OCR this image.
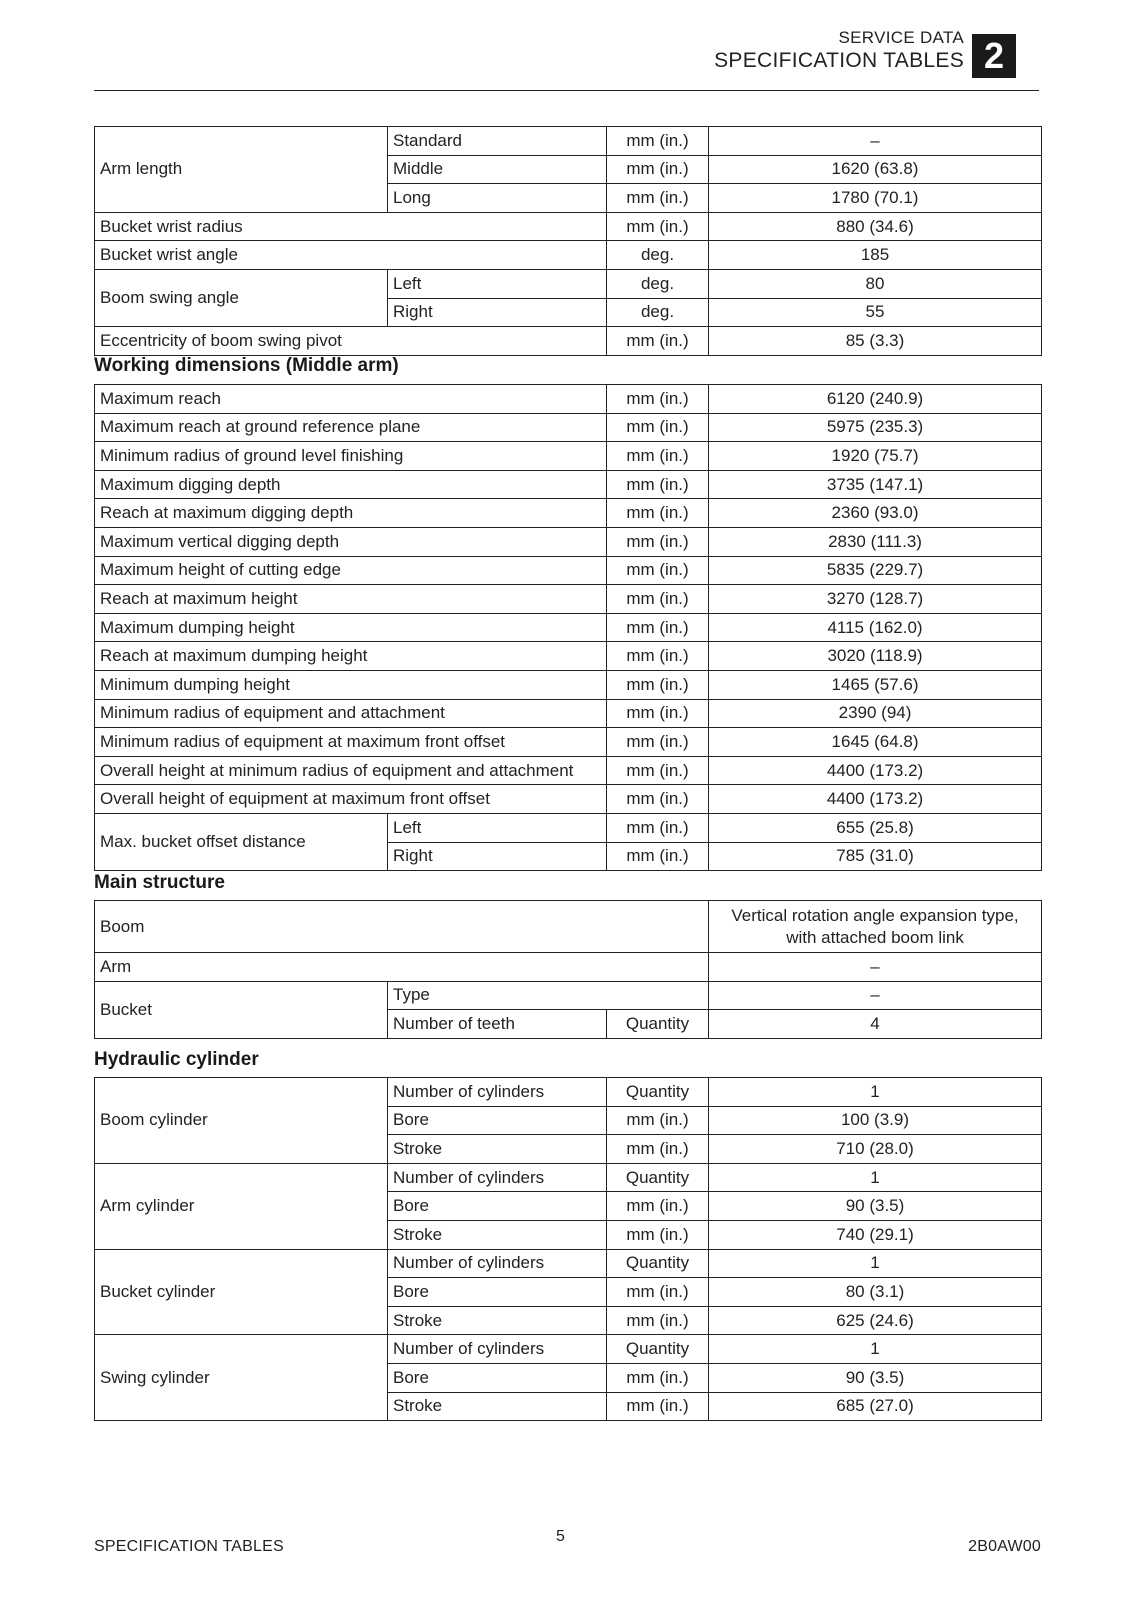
SERVICE DATA
SPECIFICATION TABLES 2
Arm length	Standard	mm (in.)	–
	Middle	mm (in.)	1620 (63.8)
	Long	mm (in.)	1780 (70.1)
Bucket wrist radius		mm (in.)	880 (34.6)
Bucket wrist angle		deg.	185
Boom swing angle	Left	deg.	80
	Right	deg.	55
Eccentricity of boom swing pivot		mm (in.)	85 (3.3)
Working dimensions (Middle arm)
Maximum reach		mm (in.)	6120 (240.9)
Maximum reach at ground reference plane		mm (in.)	5975 (235.3)
Minimum radius of ground level finishing		mm (in.)	1920 (75.7)
Maximum digging depth		mm (in.)	3735 (147.1)
Reach at maximum digging depth		mm (in.)	2360 (93.0)
Maximum vertical digging depth		mm (in.)	2830 (111.3)
Maximum height of cutting edge		mm (in.)	5835 (229.7)
Reach at maximum height		mm (in.)	3270 (128.7)
Maximum dumping height		mm (in.)	4115 (162.0)
Reach at maximum dumping height		mm (in.)	3020 (118.9)
Minimum dumping height		mm (in.)	1465 (57.6)
Minimum radius of equipment and attachment		mm (in.)	2390 (94)
Minimum radius of equipment at maximum front offset		mm (in.)	1645 (64.8)
Overall height at minimum radius of equipment and attachment		mm (in.)	4400 (173.2)
Overall height of equipment at maximum front offset		mm (in.)	4400 (173.2)
Max. bucket offset distance	Left	mm (in.)	655 (25.8)
	Right	mm (in.)	785 (31.0)
Main structure
Boom			Vertical rotation angle expansion type,
with attached boom link

Arm			–
Bucket	Type		–
	Number of teeth	Quantity	4
Hydraulic cylinder
Boom cylinder	Number of cylinders	Quantity	1
	Bore	mm (in.)	100 (3.9)
	Stroke	mm (in.)	710 (28.0)
Arm cylinder	Number of cylinders	Quantity	1
	Bore	mm (in.)	90 (3.5)
	Stroke	mm (in.)	740 (29.1)
Bucket cylinder	Number of cylinders	Quantity	1
	Bore	mm (in.)	80 (3.1)
	Stroke	mm (in.)	625 (24.6)
Swing cylinder	Number of cylinders	Quantity	1
	Bore	mm (in.)	90 (3.5)
	Stroke	mm (in.)	685 (27.0)
SPECIFICATION TABLES
5
2B0AW00
